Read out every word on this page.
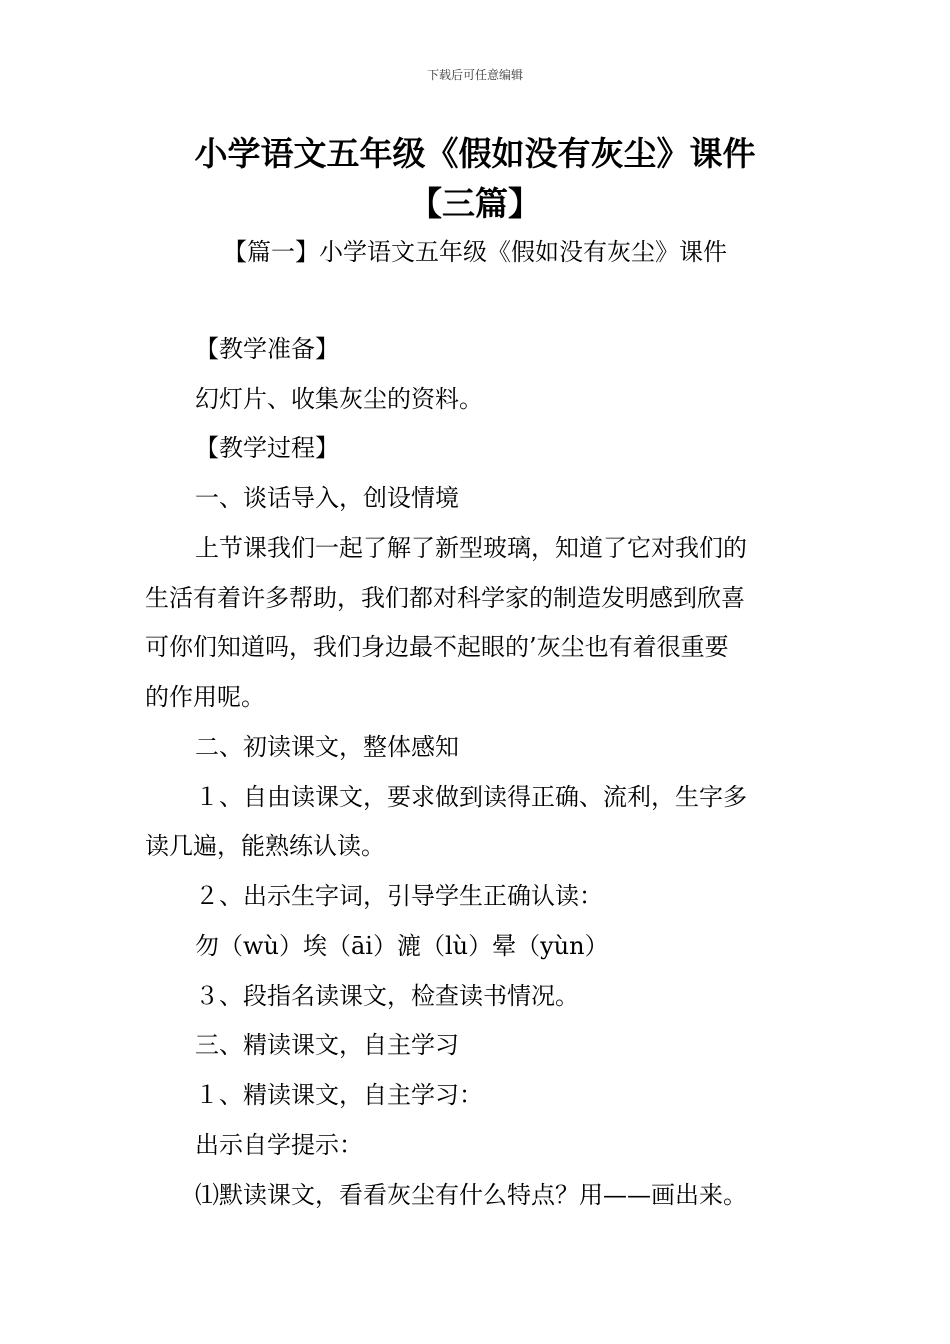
下载后可任意编辑
小学语文五年级《假如没有灰尘》课件
【三篇】
【篇一】小学语文五年级《假如没有灰尘》课件
【教学准备】
幻灯片、收集灰尘的资料。
【教学过程】
一、谈话导入，创设情境
上节课我们一起了解了新型玻璃，知道了它对我们的
生活有着许多帮助，我们都对科学家的制造发明感到欣喜
可你们知道吗，我们身边最不起眼的’灰尘也有着很重要
的作用呢。
二、初读课文，整体感知
１、自由读课文，要求做到读得正确、流利，生字多
读几遍，能熟练认读。
２、出示生字词，引导学生正确认读：
勿（wù）埃（āi）漉（lù）晕（yùn）
３、段指名读课文，检查读书情况。
三、精读课文，自主学习
１、精读课文，自主学习：
出示自学提示：
⑴默读课文，看看灰尘有什么特点？用——画出来。
